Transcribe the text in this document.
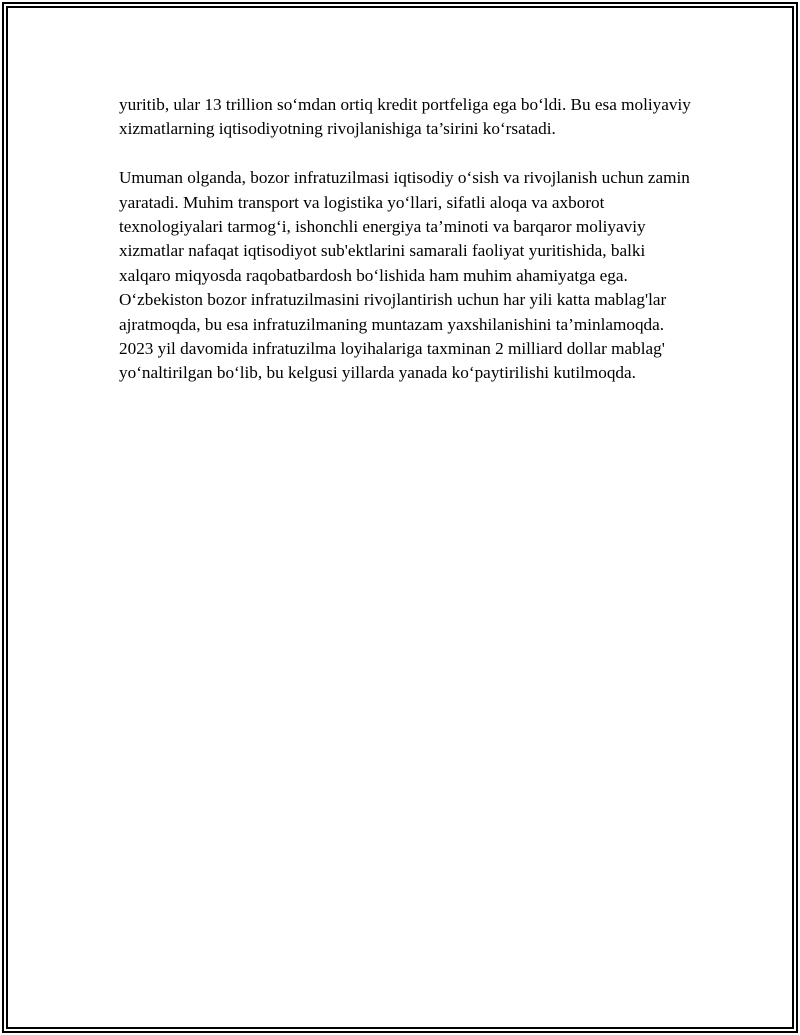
yuritib, ular 13 trillion so‘mdan ortiq kredit portfeliga ega bo‘ldi. Bu esa moliyaviy xizmatlarning iqtisodiyotning rivojlanishiga ta’sirini ko‘rsatadi.

Umuman olganda, bozor infratuzilmasi iqtisodiy o‘sish va rivojlanish uchun zamin yaratadi. Muhim transport va logistika yo‘llari, sifatli aloqa va axborot texnologiyalari tarmog‘i, ishonchli energiya ta’minoti va barqaror moliyaviy xizmatlar nafaqat iqtisodiyot sub'ektlarini samarali faoliyat yuritishida, balki xalqaro miqyosda raqobatbardosh bo‘lishida ham muhim ahamiyatga ega. O‘zbekiston bozor infratuzilmasini rivojlantirish uchun har yili katta mablag'lar ajratmoqda, bu esa infratuzilmaning muntazam yaxshilanishini ta’minlamoqda. 2023 yil davomida infratuzilma loyihalariga taxminan 2 milliard dollar mablag' yo‘naltirilgan bo‘lib, bu kelgusi yillarda yanada ko‘paytirilishi kutilmoqda.
